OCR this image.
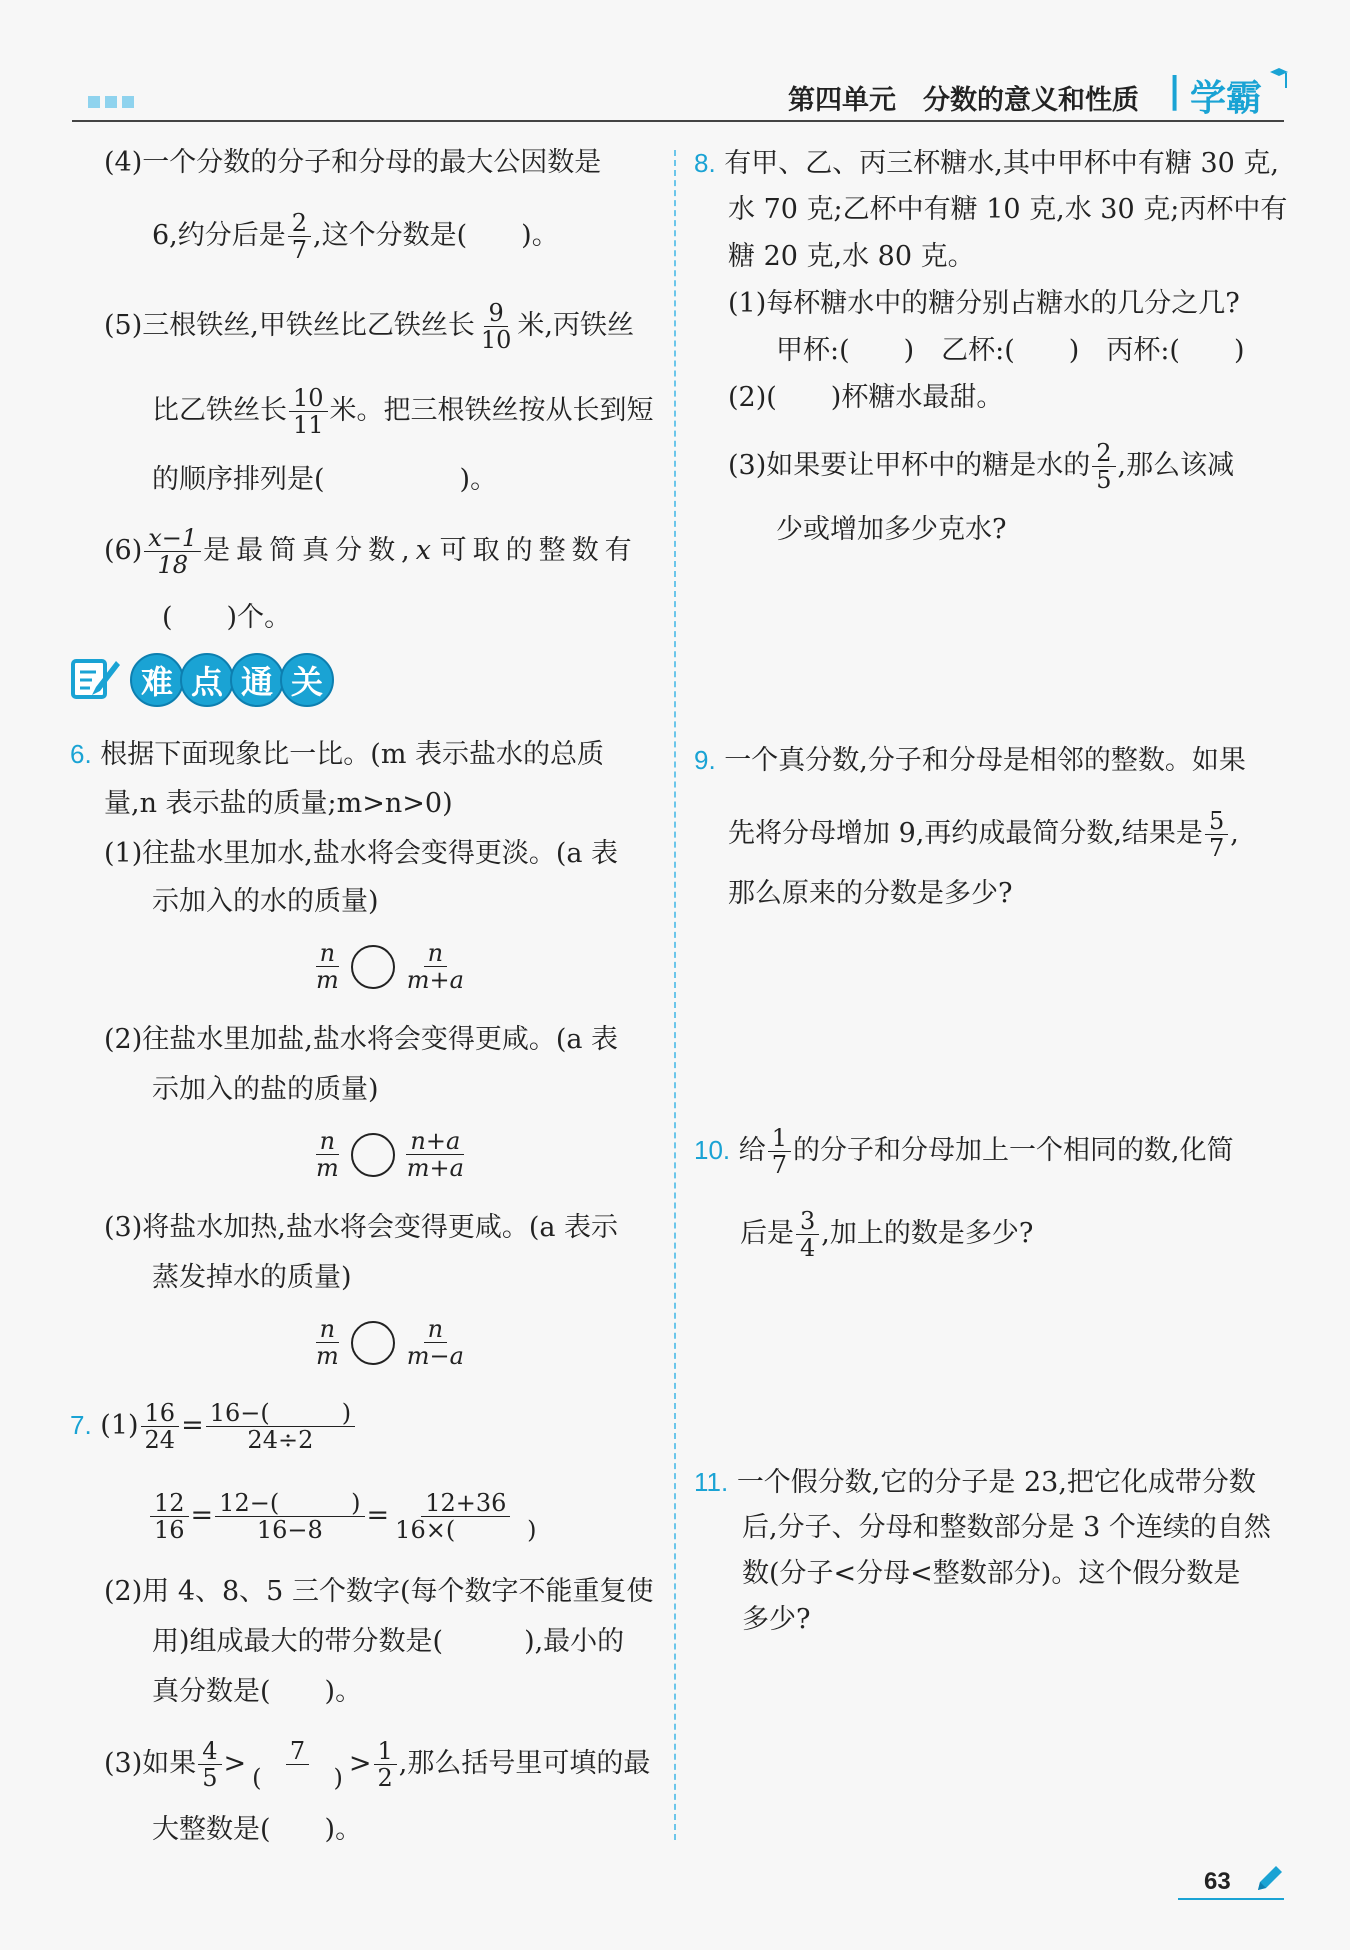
第四单元　分数的意义和性质 | 学霸
(4)一个分数的分子和分母的最大公因数是
6,约分后是 $\frac{2}{7}$ ,这个分数是(　　)。
(5)三根铁丝,甲铁丝比乙铁丝长 $\frac{9}{10}$ 米,丙铁丝
比乙铁丝长 $\frac{10}{11}$ 米。把三根铁丝按从长到短
的顺序排列是(　　　　　)。
$(6) \frac{x-1}{18}$ 是最简真分数,x 可取的整数有
(　　)个。
难 点 通 关
6. 根据下面现象比一比。(m 表示盐水的总质
量,n 表示盐的质量;m>n>0)
(1)往盐水里加水,盐水将会变得更淡。(a 表
示加入的水的质量)
$\frac{n}{m}$	$\frac{n}{m+a}$
(2)往盐水里加盐,盐水将会变得更咸。(a 表
示加入的盐的质量)
$\frac{n}{m}$	$\frac{n+a}{m+a}$
(3)将盐水加热,盐水将会变得更咸。(a 表示
蒸发掉水的质量)
$\frac{n}{m}$	$\frac{n}{m-a}$
7. $(1) \frac{16}{24} = \frac{16-( )}{24\div 2}$
$\frac{12}{16} = \frac{12-( )}{16-8} = \frac{12+36}{16\times( )}$
(2)用 4、8、5 三个数字(每个数字不能重复使
用)组成最大的带分数是(　　　),最小的
真分数是(　　)。
(3)如果 $\frac{4}{5} > \frac{7}{( )} > \frac{1}{2}$ ,那么括号里可填的最
大整数是(　　)。
8. 有甲、乙、丙三杯糖水,其中甲杯中有糖 30 克,
水 70 克;乙杯中有糖 10 克,水 30 克;丙杯中有
糖 20 克,水 80 克。
(1)每杯糖水中的糖分别占糖水的几分之几?
甲杯:(　　)　乙杯:(　　)　丙杯:(　　)
(2)(　　)杯糖水最甜。
(3)如果要让甲杯中的糖是水的 $\frac{2}{5}$ ,那么该减
少或增加多少克水?
9. 一个真分数,分子和分母是相邻的整数。如果
先将分母增加 9,再约成最简分数,结果是 $\frac{5}{7}$ ,
那么原来的分数是多少?
10. 给 $\frac{1}{7}$ 的分子和分母加上一个相同的数,化简
后是 $\frac{3}{4}$ ,加上的数是多少?
11. 一个假分数,它的分子是 23,把它化成带分数
后,分子、分母和整数部分是 3 个连续的自然
数(分子<分母<整数部分)。这个假分数是
多少?
63
